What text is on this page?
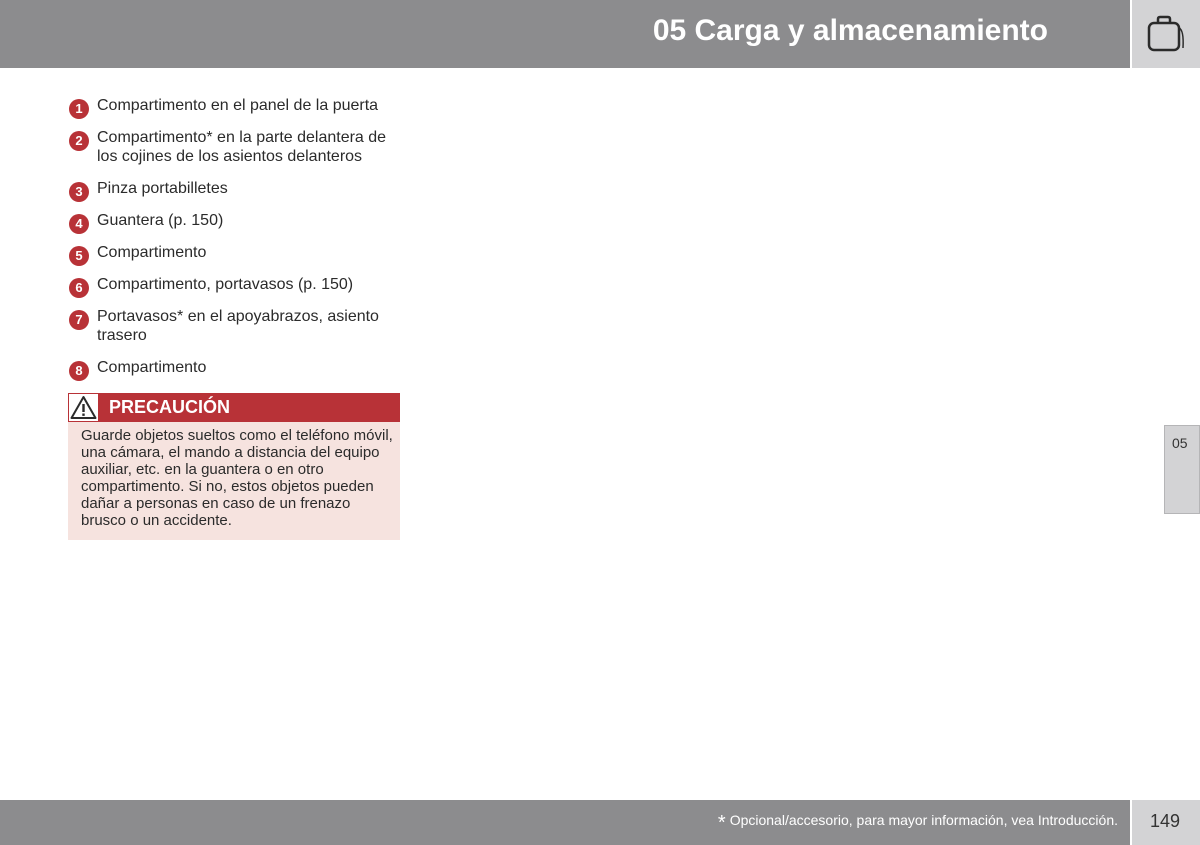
05 Carga y almacenamiento
1 Compartimento en el panel de la puerta
2 Compartimento* en la parte delantera de los cojines de los asientos delanteros
3 Pinza portabilletes
4 Guantera (p. 150)
5 Compartimento
6 Compartimento, portavasos (p. 150)
7 Portavasos* en el apoyabrazos, asiento trasero
8 Compartimento
PRECAUCIÓN
Guarde objetos sueltos como el teléfono móvil, una cámara, el mando a distancia del equipo auxiliar, etc. en la guantera o en otro compartimento. Si no, estos objetos pueden dañar a personas en caso de un frenazo brusco o un accidente.
05
* Opcional/accesorio, para mayor información, vea Introducción. 149
